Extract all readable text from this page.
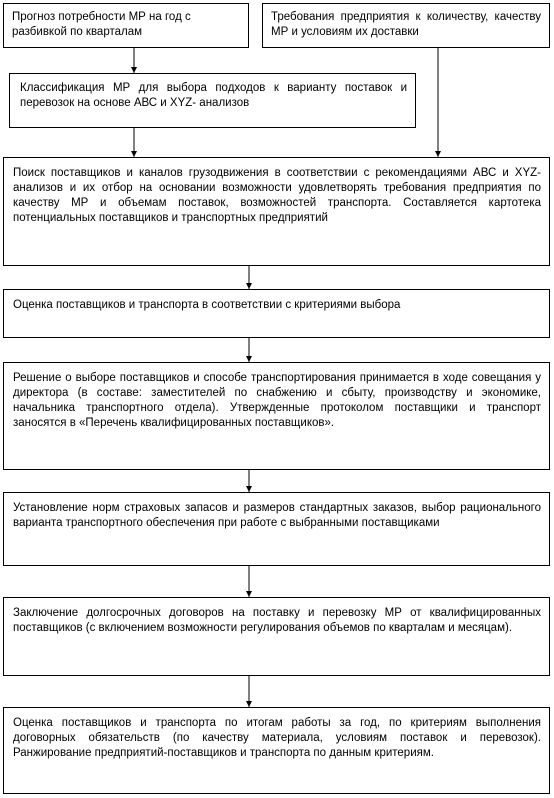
Прогноз потребности МР на год с разбивкой по кварталам
Требования предприятия к количеству, качеству МР и условиям их доставки
Классификация МР для выбора подходов к варианту поставок и перевозок на основе АВС и XYZ- анализов
Поиск поставщиков и каналов грузодвижения в соответствии с рекомендациями АВС и XYZ-анализов и их отбор на основании возможности удовлетворять требования предприятия по качеству МР и объемам поставок, возможностей транспорта. Составляется картотека потенциальных поставщиков и транспортных предприятий
Оценка поставщиков и транспорта в соответствии с критериями выбора
Решение о выборе поставщиков и способе транспортирования принимается в ходе совещания у директора (в составе: заместителей по снабжению и сбыту, производству и экономике, начальника транспортного отдела). Утвержденные протоколом поставщики и транспорт заносятся в «Перечень квалифицированных поставщиков».
Установление норм страховых запасов и размеров стандартных заказов, выбор рационального варианта транспортного обеспечения при работе с выбранными поставщиками
Заключение долгосрочных договоров на поставку и перевозку МР от квалифицированных поставщиков (с включением возможности регулирования объемов по кварталам и месяцам).
Оценка поставщиков и транспорта по итогам работы за год, по критериям выполнения договорных обязательств (по качеству материала, условиям поставок и перевозок). Ранжирование предприятий-поставщиков и транспорта по данным критериям.
